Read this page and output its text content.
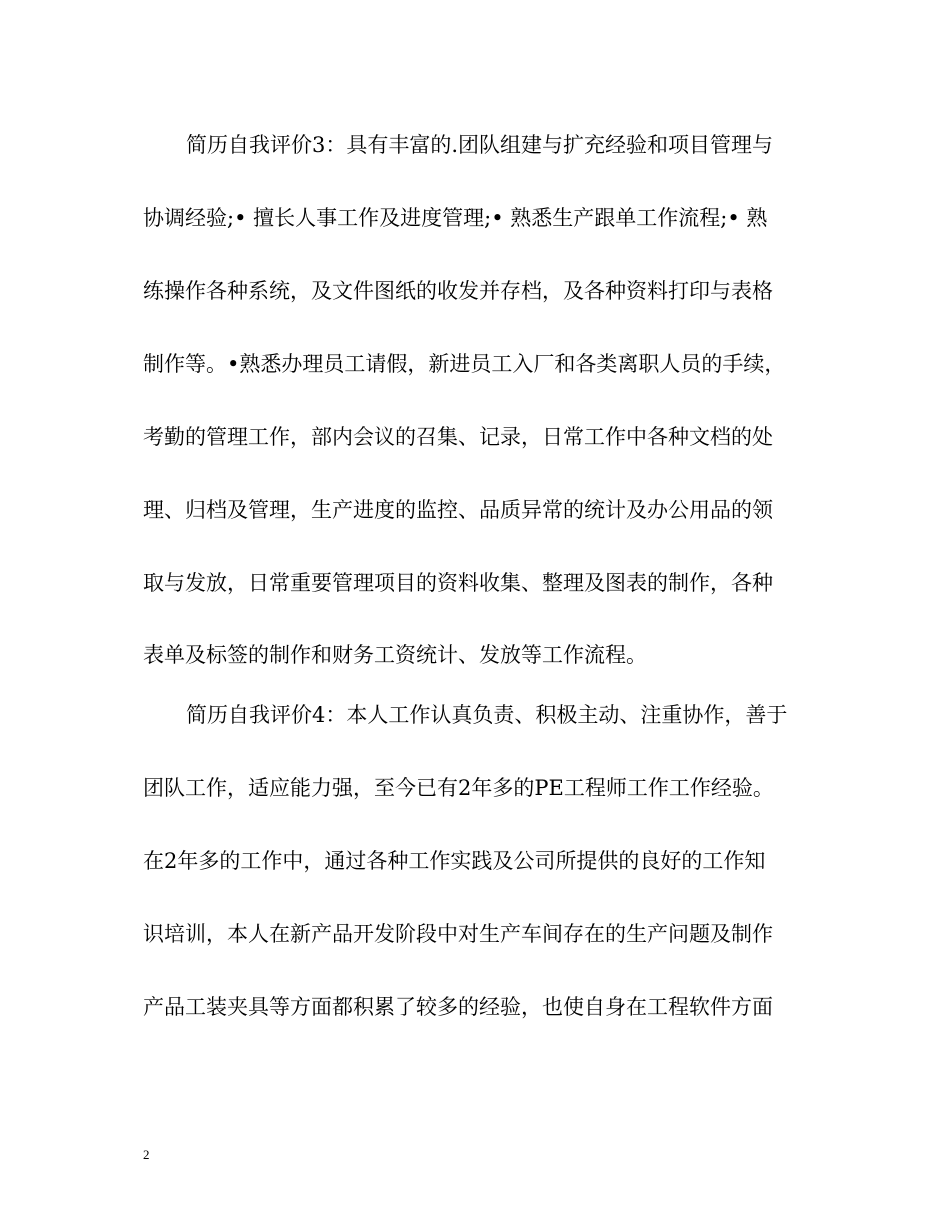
简历自我评价3：具有丰富的.团队组建与扩充经验和项目管理与
协调经验;• 擅长人事工作及进度管理;• 熟悉生产跟单工作流程;• 熟
练操作各种系统，及文件图纸的收发并存档，及各种资料打印与表格
制作等。•熟悉办理员工请假，新进员工入厂和各类离职人员的手续，
考勤的管理工作，部内会议的召集、记录，日常工作中各种文档的处
理、归档及管理，生产进度的监控、品质异常的统计及办公用品的领
取与发放，日常重要管理项目的资料收集、整理及图表的制作，各种
表单及标签的制作和财务工资统计、发放等工作流程。
简历自我评价4：本人工作认真负责、积极主动、注重协作，善于
团队工作，适应能力强，至今已有2年多的PE工程师工作工作经验。
在2年多的工作中，通过各种工作实践及公司所提供的良好的工作知
识培训，本人在新产品开发阶段中对生产车间存在的生产问题及制作
产品工装夹具等方面都积累了较多的经验，也使自身在工程软件方面
2
